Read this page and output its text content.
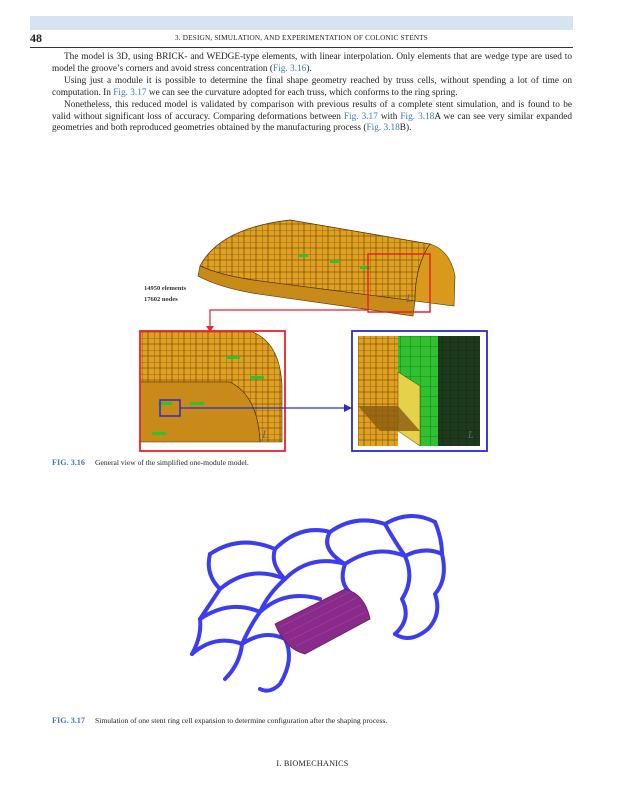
48	3. DESIGN, SIMULATION, AND EXPERIMENTATION OF COLONIC STENTS

The model is 3D, using BRICK- and WEDGE-type elements, with linear interpolation. Only elements that are wedge type are used to model the groove’s corners and avoid stress concentration (Fig. 3.16).

Using just a module it is possible to determine the final shape geometry reached by truss cells, without spending a lot of time on computation. In Fig. 3.17 we can see the curvature adopted for each truss, which conforms to the ring spring.

Nonetheless, this reduced model is validated by comparison with previous results of a complete stent simulation, and is found to be valid without significant loss of accuracy. Comparing deformations between Fig. 3.17 with Fig. 3.18A we can see very similar expanded geometries and both reproduced geometries obtained by the manufacturing process (Fig. 3.18B).

14950 elements
17602 nodes	L
L	L
FIG. 3.16 General view of the simplified one-module model.
FIG. 3.17 Simulation of one stent ring cell expansion to determine configuration after the shaping process.
I. BIOMECHANICS
